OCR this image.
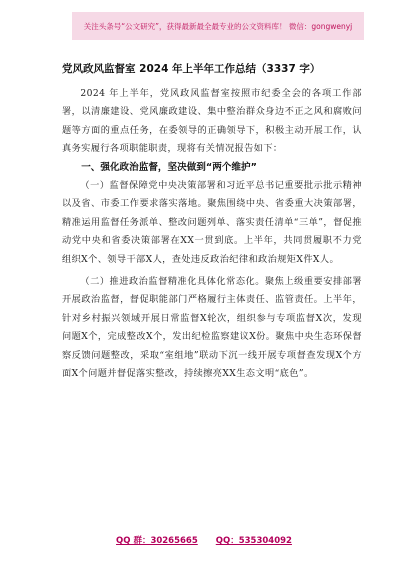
关注头条号“公文研究”，获得最新最全最专业的公文资料库！ 微信：gongwenyj

党风政风监督室 2024 年上半年工作总结（3337 字）

2024 年上半年，党风政风监督室按照市纪委全会的各项工作部署，以清廉建设、党风廉政建设、集中整治群众身边不正之风和腐败问题等方面的重点任务，在委领导的正确领导下，积极主动开展工作，认真务实履行各项职能职责，现将有关情况报告如下：

一、强化政治监督，坚决做到“两个维护”

（一）监督保障党中央决策部署和习近平总书记重要批示批示精神以及省、市委工作要求落实落地。聚焦围绕中央、省委重大决策部署，精准运用监督任务派单、整改问题列单、落实责任清单“三单”，督促推动党中央和省委决策部署在XX一贯到底。上半年，共同贯履职不力党组织X个、领导干部X人，查处违反政治纪律和政治规矩X件X人。

（二）推进政治监督精准化具体化常态化。聚焦上级重要安排部署开展政治监督，督促职能部门严格履行主体责任、监管责任。上半年，针对乡村振兴领域开展日常监督X轮次，组织参与专项监督X次，发现问题X个，完成整改X个，发出纪检监察建议X份。聚焦中央生态环保督察反馈问题整改，采取“室组地”联动下沉一线开展专项督查发现X个方面X个问题并督促落实整改，持续擦亮XX生态文明“底色”。

QQ 群：30265665 QQ：535304092
